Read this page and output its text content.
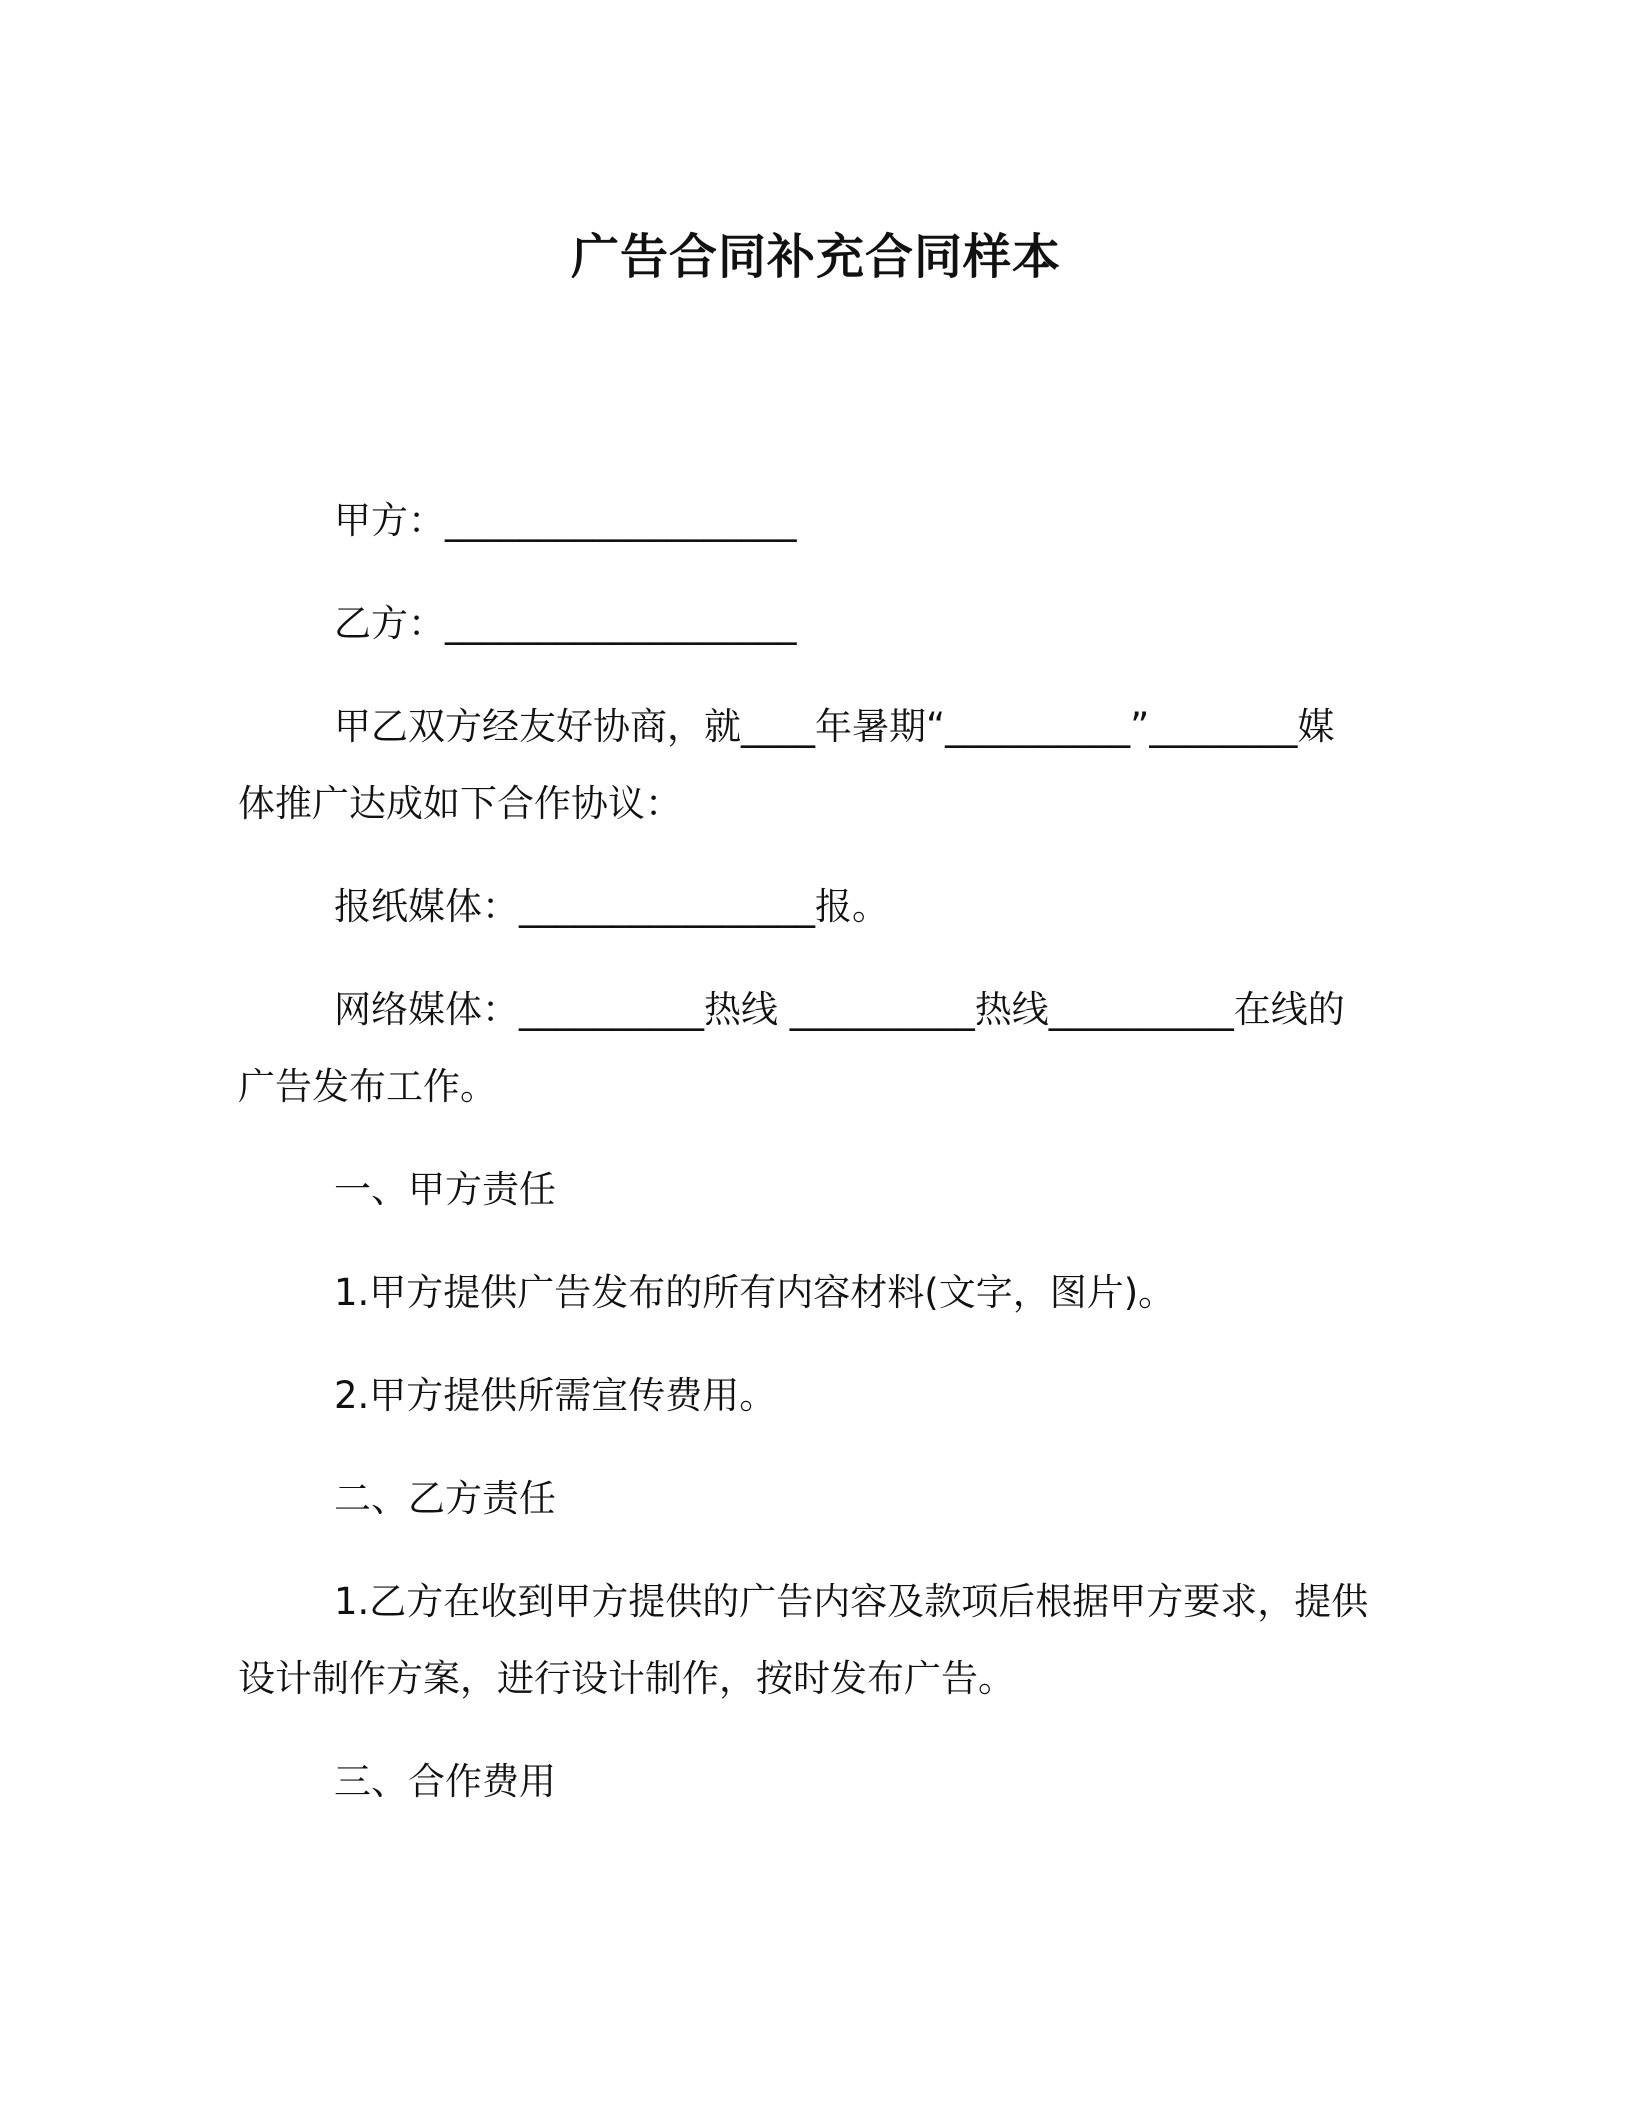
广告合同补充合同样本
甲方：___________________
乙方：___________________
甲乙双方经友好协商，就____年暑期“__________”________媒
体推广达成如下合作协议：
报纸媒体：________________报。
网络媒体：__________热线 __________热线__________在线的
广告发布工作。
一、甲方责任
1.甲方提供广告发布的所有内容材料(文字，图片)。
2.甲方提供所需宣传费用。
二、乙方责任
1.乙方在收到甲方提供的广告内容及款项后根据甲方要求，提供
设计制作方案，进行设计制作，按时发布广告。
三、合作费用
